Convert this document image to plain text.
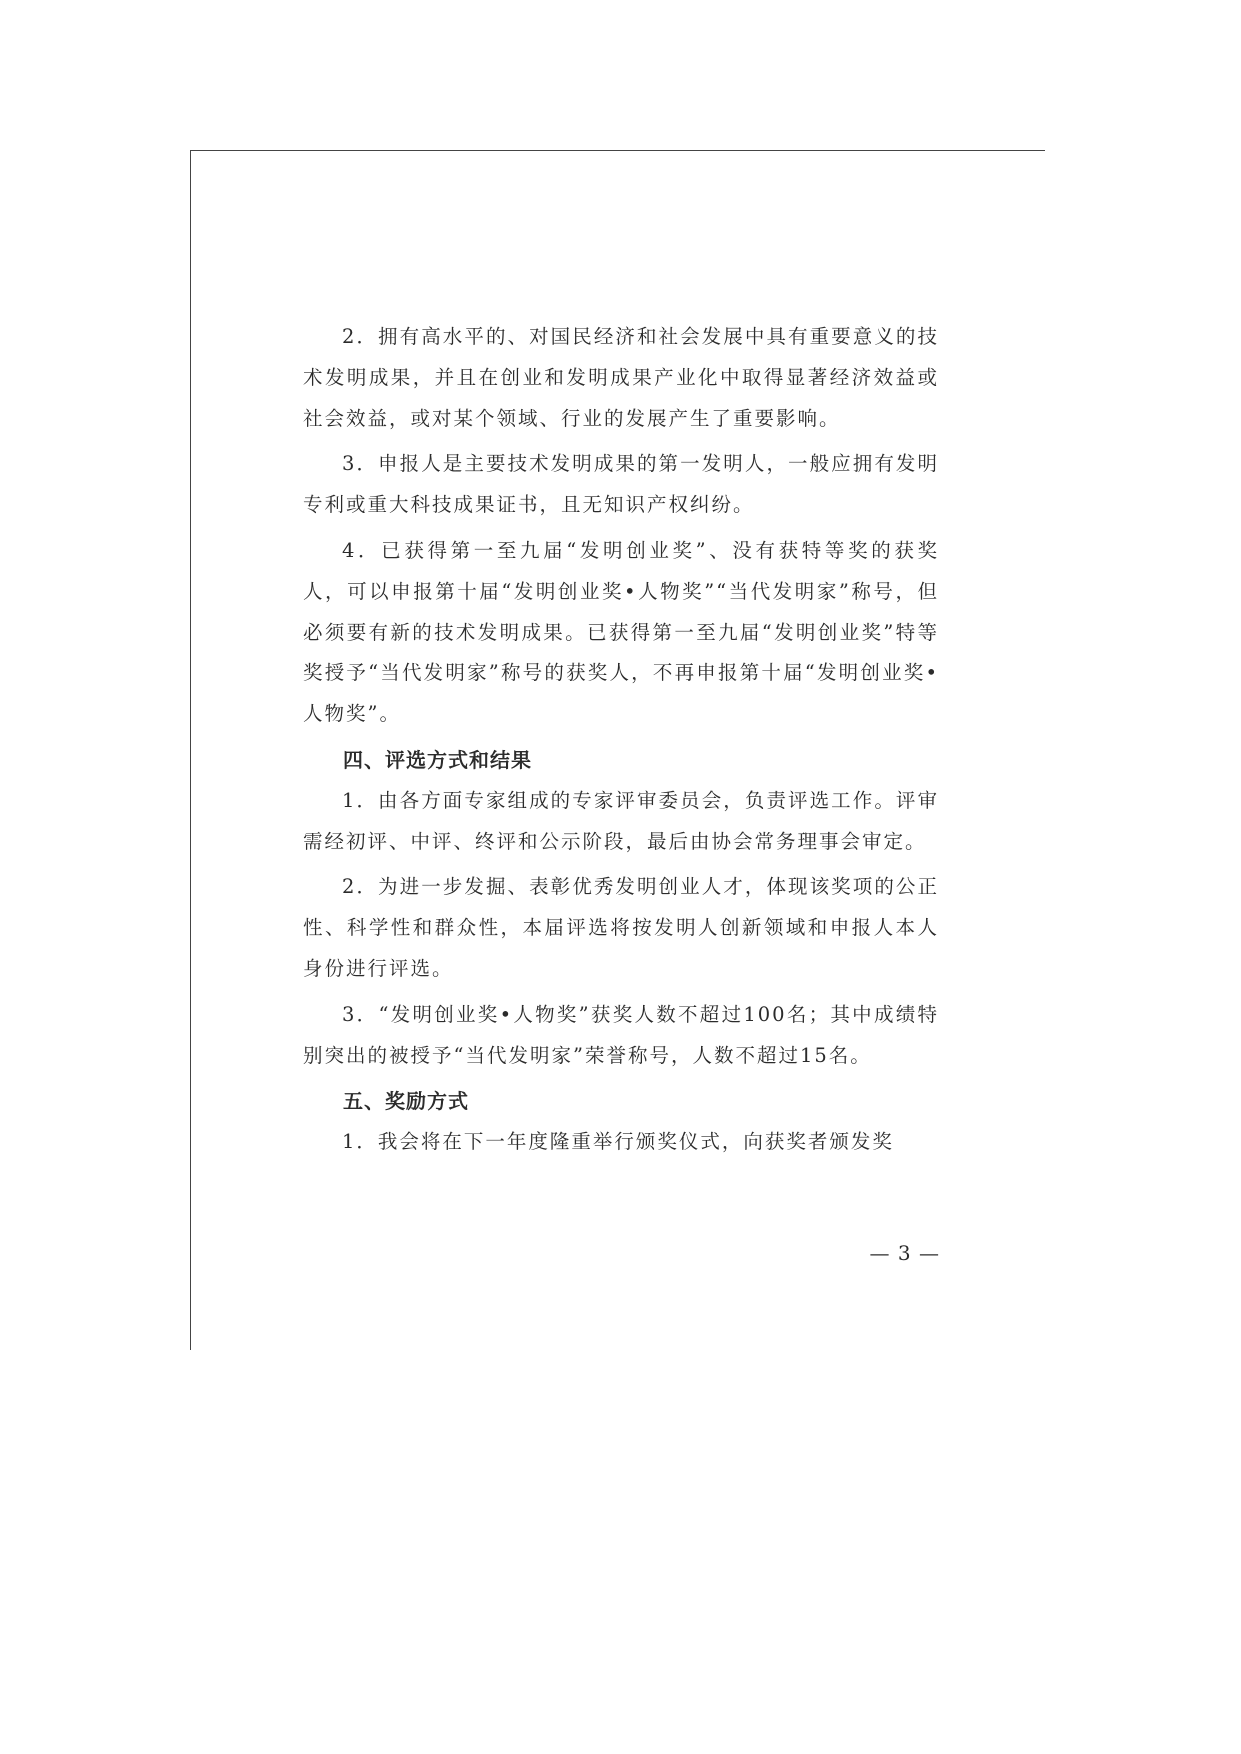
2．拥有高水平的、对国民经济和社会发展中具有重要意义的技术发明成果，并且在创业和发明成果产业化中取得显著经济效益或社会效益，或对某个领域、行业的发展产生了重要影响。

3．申报人是主要技术发明成果的第一发明人，一般应拥有发明专利或重大科技成果证书，且无知识产权纠纷。

4．已获得第一至九届“发明创业奖”、没有获特等奖的获奖人，可以申报第十届“发明创业奖•人物奖”“当代发明家”称号，但必须要有新的技术发明成果。已获得第一至九届“发明创业奖”特等奖授予“当代发明家”称号的获奖人，不再申报第十届“发明创业奖•人物奖”。

四、评选方式和结果

1．由各方面专家组成的专家评审委员会，负责评选工作。评审需经初评、中评、终评和公示阶段，最后由协会常务理事会审定。

2．为进一步发掘、表彰优秀发明创业人才，体现该奖项的公正性、科学性和群众性，本届评选将按发明人创新领域和申报人本人身份进行评选。

3．“发明创业奖•人物奖”获奖人数不超过100名；其中成绩特别突出的被授予“当代发明家”荣誉称号，人数不超过15名。

五、奖励方式

1．我会将在下一年度隆重举行颁奖仪式，向获奖者颁发奖

— 3 —
